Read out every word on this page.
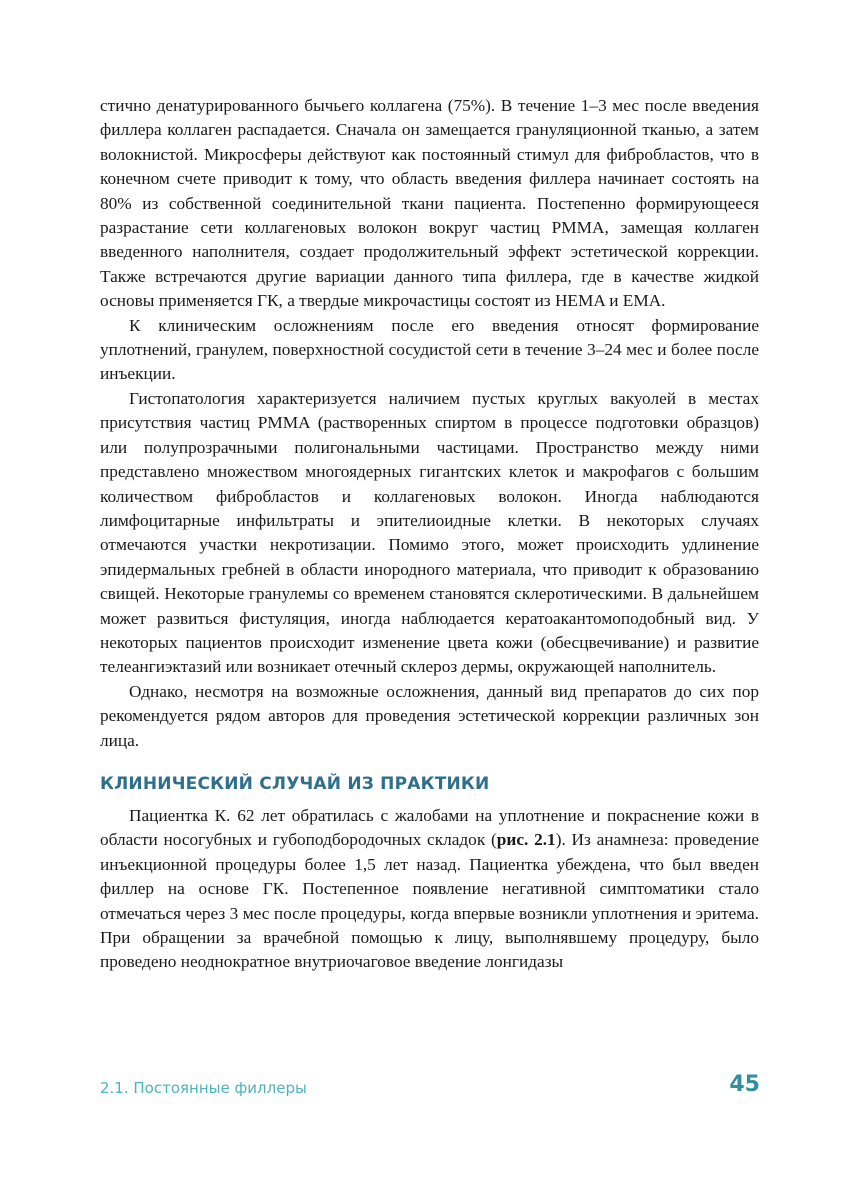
стично денатурированного бычьего коллагена (75%). В течение 1–3 мес после введения филлера коллаген распадается. Сначала он замещается грануляционной тканью, а затем волокнистой. Микросферы действуют как постоянный стимул для фибробластов, что в конечном счете приводит к тому, что область введения филлера начинает состоять на 80% из собственной соединительной ткани пациента. Постепенно формирующееся разрастание сети коллагеновых волокон вокруг частиц PMMA, замещая коллаген введенного наполнителя, создает продолжительный эффект эстетической коррекции. Также встречаются другие вариации данного типа филлера, где в качестве жидкой основы применяется ГК, а твердые микрочастицы состоят из HEMA и EMA.

К клиническим осложнениям после его введения относят формирование уплотнений, гранулем, поверхностной сосудистой сети в течение 3–24 мес и более после инъекции.

Гистопатология характеризуется наличием пустых круглых вакуолей в местах присутствия частиц PMMA (растворенных спиртом в процессе подготовки образцов) или полупрозрачными полигональными частицами. Пространство между ними представлено множеством многоядерных гигантских клеток и макрофагов с большим количеством фибробластов и коллагеновых волокон. Иногда наблюдаются лимфоцитарные инфильтраты и эпителиоидные клетки. В некоторых случаях отмечаются участки некротизации. Помимо этого, может происходить удлинение эпидермальных гребней в области инородного материала, что приводит к образованию свищей. Некоторые гранулемы со временем становятся склеротическими. В дальнейшем может развиться фистуляция, иногда наблюдается кератоакантомоподобный вид. У некоторых пациентов происходит изменение цвета кожи (обесцвечивание) и развитие телеангиэктазий или возникает отечный склероз дермы, окружающей наполнитель.

Однако, несмотря на возможные осложнения, данный вид препаратов до сих пор рекомендуется рядом авторов для проведения эстетической коррекции различных зон лица.

КЛИНИЧЕСКИЙ СЛУЧАЙ ИЗ ПРАКТИКИ

Пациентка К. 62 лет обратилась с жалобами на уплотнение и покраснение кожи в области носогубных и губоподбородочных складок (рис. 2.1). Из анамнеза: проведение инъекционной процедуры более 1,5 лет назад. Пациентка убеждена, что был введен филлер на основе ГК. Постепенное появление негативной симптоматики стало отмечаться через 3 мес после процедуры, когда впервые возникли уплотнения и эритема. При обращении за врачебной помощью к лицу, выполнявшему процедуру, было проведено неоднократное внутриочаговое введение лонгидазы

2.1. Постоянные филлеры	45
